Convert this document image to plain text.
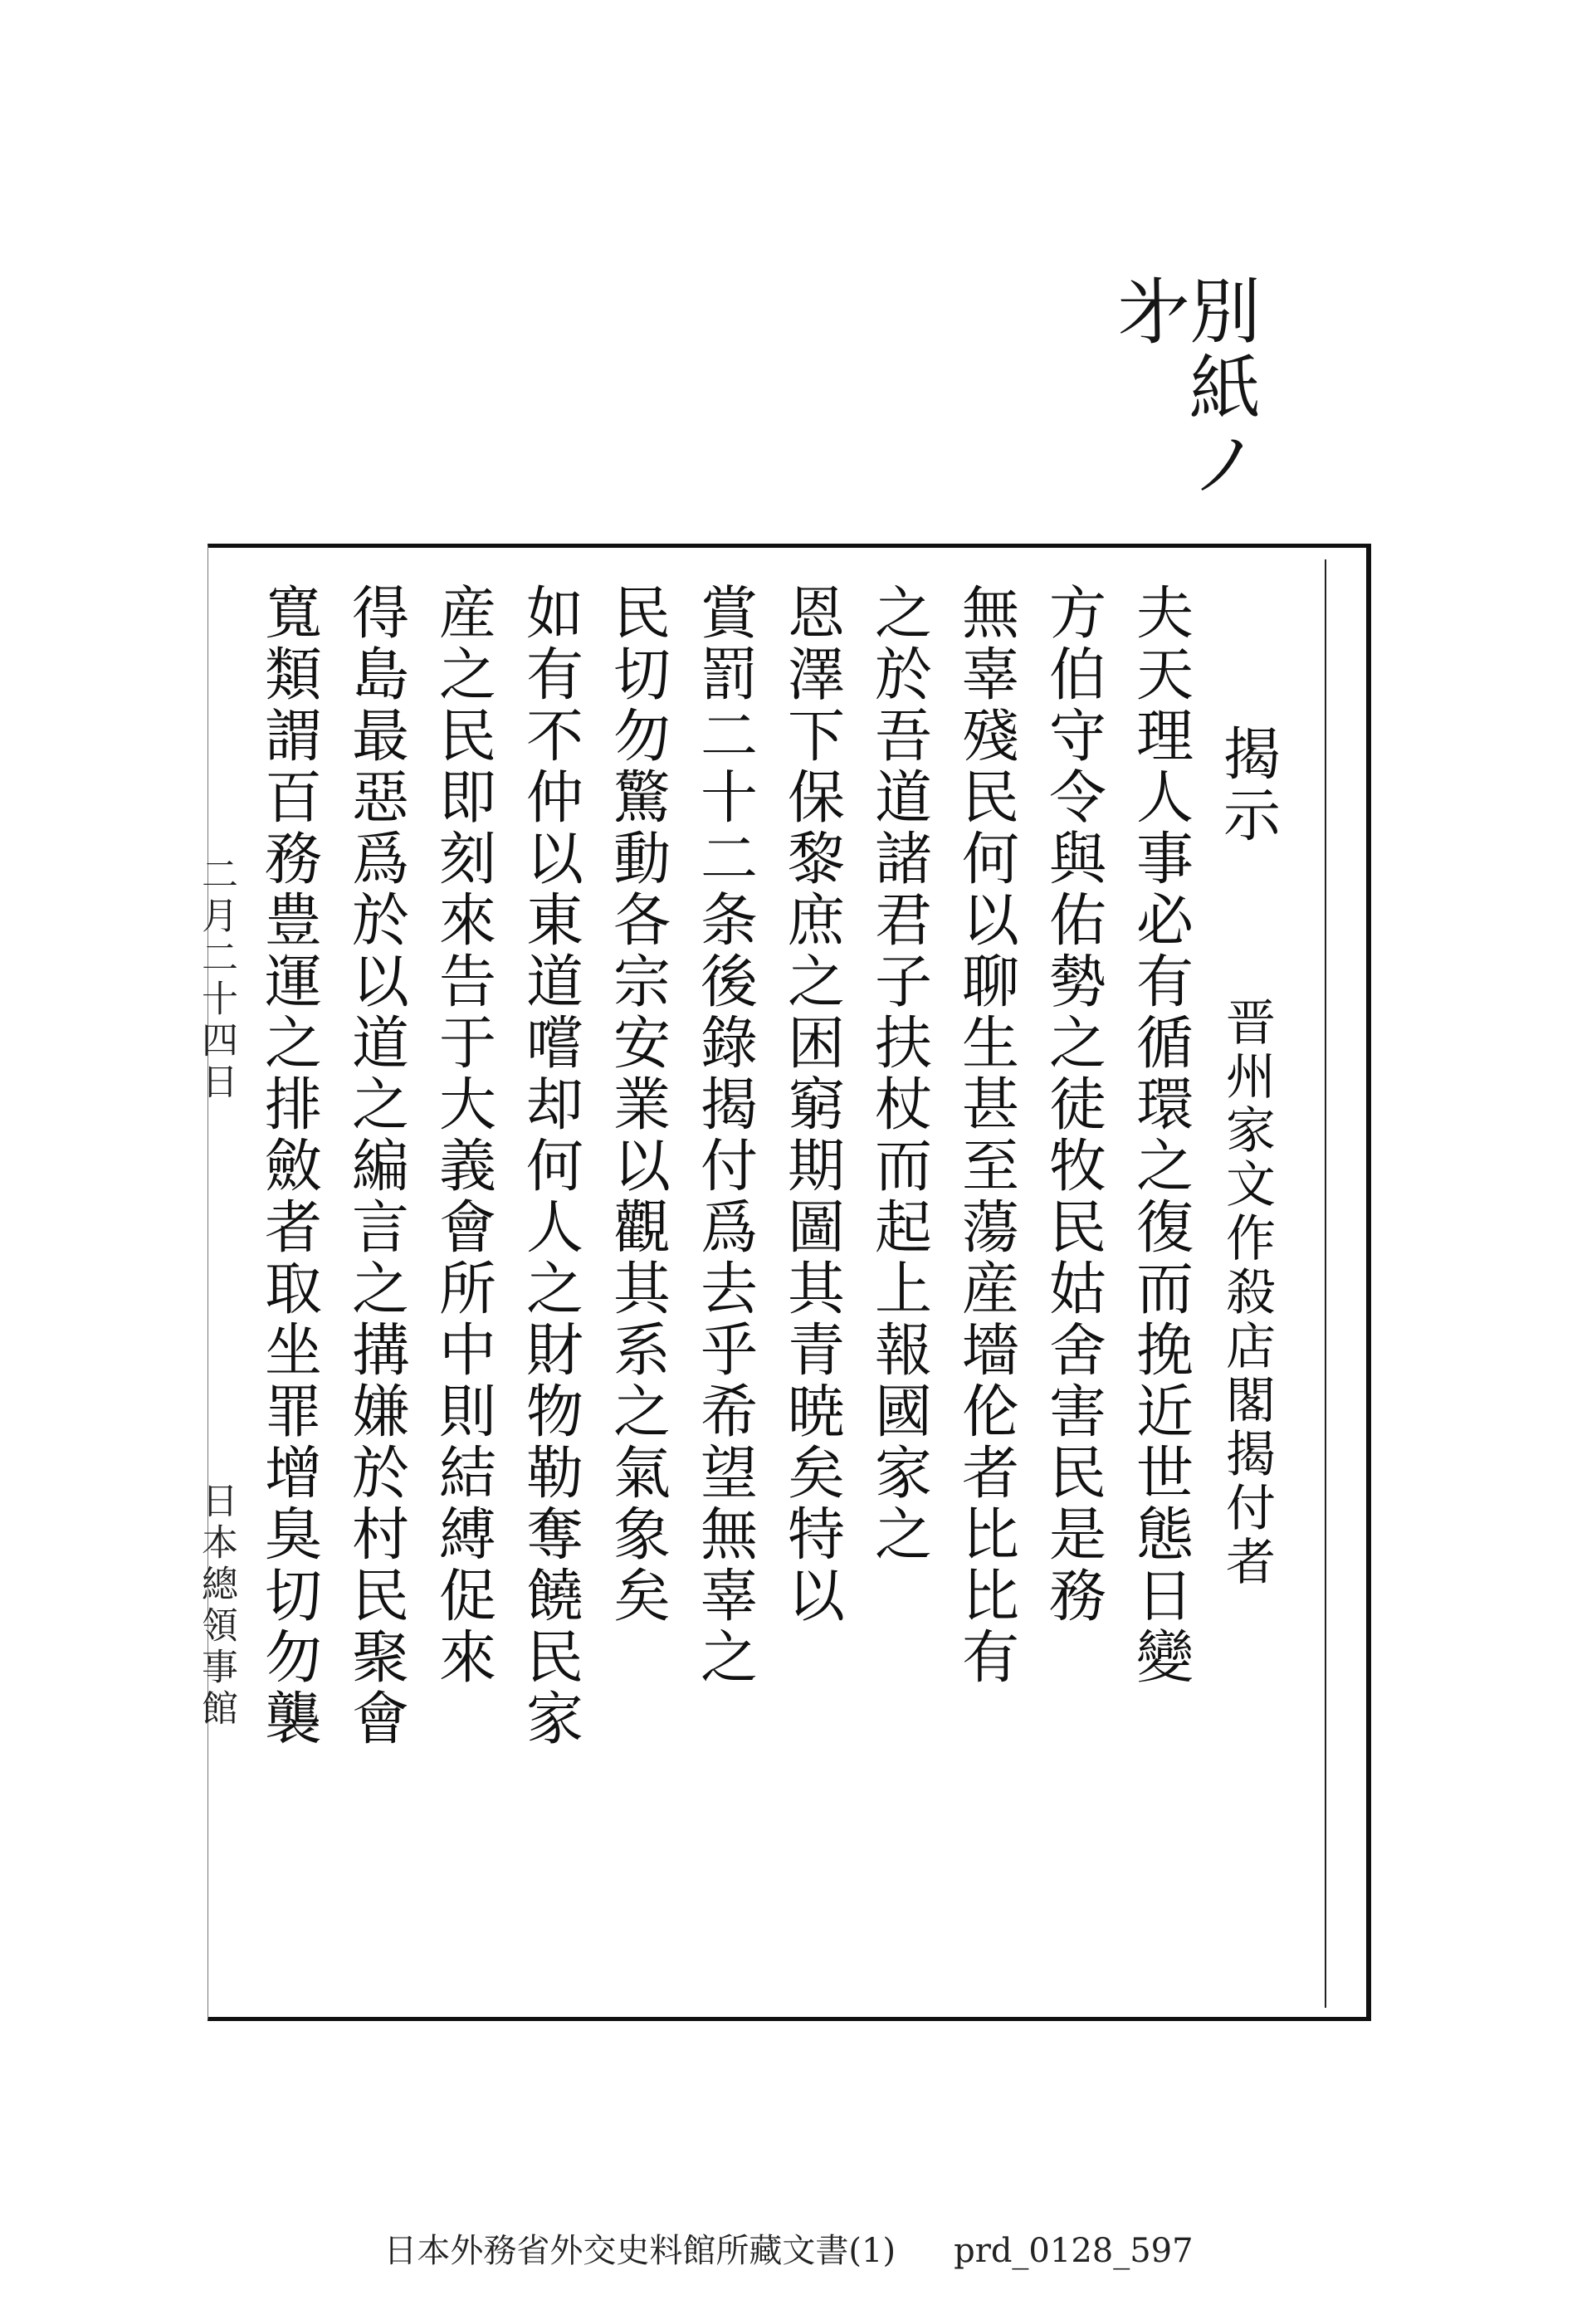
別紙ノ㐧
揭示 晋州家文作殺店閣揭付者
夫天理人事必有循環之復而挽近世態日變
方伯守令與佑勢之徒牧民姑舍害民是務
無辜殘民何以聊生甚至蕩産墻伦者比比有
之於吾道諸君子扶杖而起上報國家之
恩澤下保黎庶之困窮期圖其青暁矣特以
賞罰二十二条後錄揭付爲去乎希望無辜之
民切勿驚動各宗安業以觀其系之氣象矣
如有不仲以東道嚐却何人之財物勒奪饒民家
産之民即刻來告于大義會所中則結縛促來
得島最惡爲於以道之編言之搆嫌於村民聚會
寬類謂百務豊運之排斂者取坐罪增臭切勿襲
二月二十四日
日本總領事館
日本外務省外交史料館所藏文書(1) prd_0128_597
